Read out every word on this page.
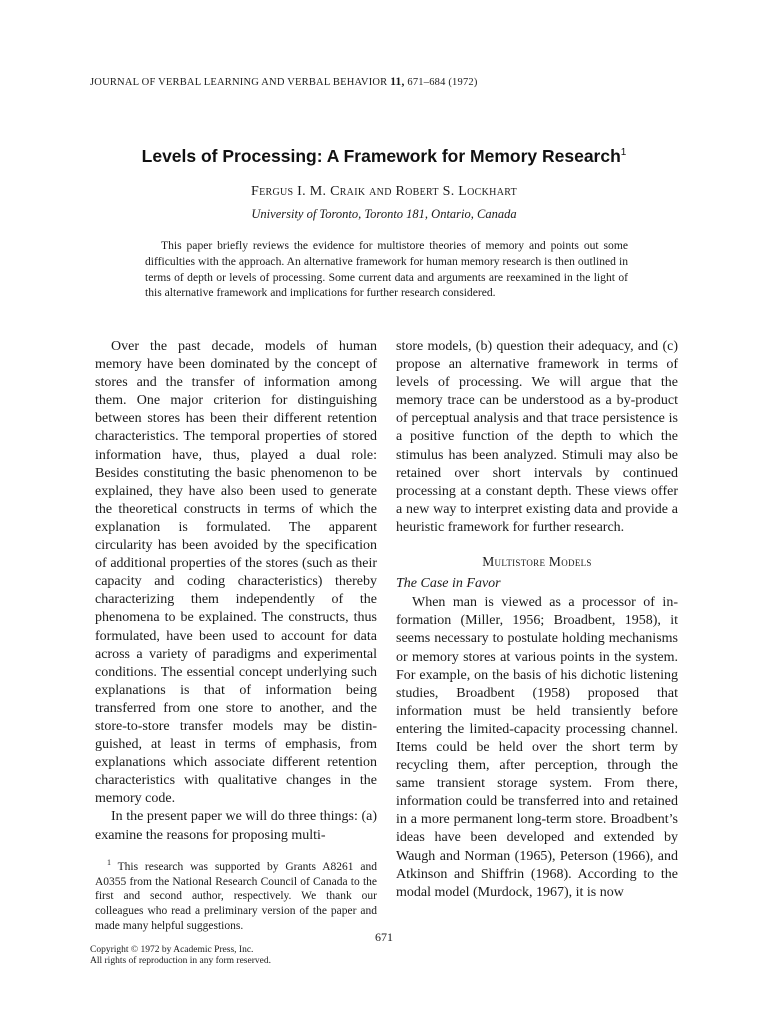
JOURNAL OF VERBAL LEARNING AND VERBAL BEHAVIOR 11, 671–684 (1972)
Levels of Processing: A Framework for Memory Research$^1$
Fergus I. M. Craik and Robert S. Lockhart
University of Toronto, Toronto 181, Ontario, Canada
This paper briefly reviews the evidence for multistore theories of memory and points out some difficulties with the approach. An alternative framework for human memory research is then outlined in terms of depth or levels of processing. Some current data and arguments are reexamined in the light of this alternative framework and implications for further research considered.

Over the past decade, models of human memory have been dominated by the concept of stores and the transfer of information among them. One major criterion for distinguishing between stores has been their different retention characteristics. The temporal properties of stored information have, thus, played a dual role: Besides constituting the basic phenomenon to be explained, they have also been used to generate the theoretical constructs in terms of which the explanation is formulated. The apparent circularity has been avoided by the specification of additional properties of the stores (such as their capacity and coding characteristics) thereby characterizing them independently of the phenomena to be explained. The constructs, thus formulated, have been used to account for data across a variety of paradigms and experimental conditions. The essential concept underlying such explanations is that of information being transferred from one store to another, and the store-to-store transfer models may be distinguished, at least in terms of emphasis, from explanations which associate different retention characteristics with qualitative changes in the memory code.

In the present paper we will do three things: (a) examine the reasons for proposing multi-

store models, (b) question their adequacy, and (c) propose an alternative framework in terms of levels of processing. We will argue that the memory trace can be understood as a by-product of perceptual analysis and that trace persistence is a positive function of the depth to which the stimulus has been analyzed. Stimuli may also be retained over short intervals by continued processing at a constant depth. These views offer a new way to interpret existing data and provide a heuristic framework for further research.

Multistore Models

The Case in Favor

When man is viewed as a processor of information (Miller, 1956; Broadbent, 1958), it seems necessary to postulate holding mechanisms or memory stores at various points in the system. For example, on the basis of his dichotic listening studies, Broadbent (1958) proposed that information must be held transiently before entering the limited-capacity processing channel. Items could be held over the short term by recycling them, after perception, through the same transient storage system. From there, information could be transferred into and retained in a more permanent long-term store. Broadbent’s ideas have been developed and extended by Waugh and Norman (1965), Peterson (1966), and Atkinson and Shiffrin (1968). According to the modal model (Murdock, 1967), it is now

$^1$ This research was supported by Grants A8261 and A0355 from the National Research Council of Canada to the first and second author, respectively. We thank our colleagues who read a preliminary version of the paper and made many helpful suggestions.
671
Copyright © 1972 by Academic Press, Inc.
All rights of reproduction in any form reserved.
